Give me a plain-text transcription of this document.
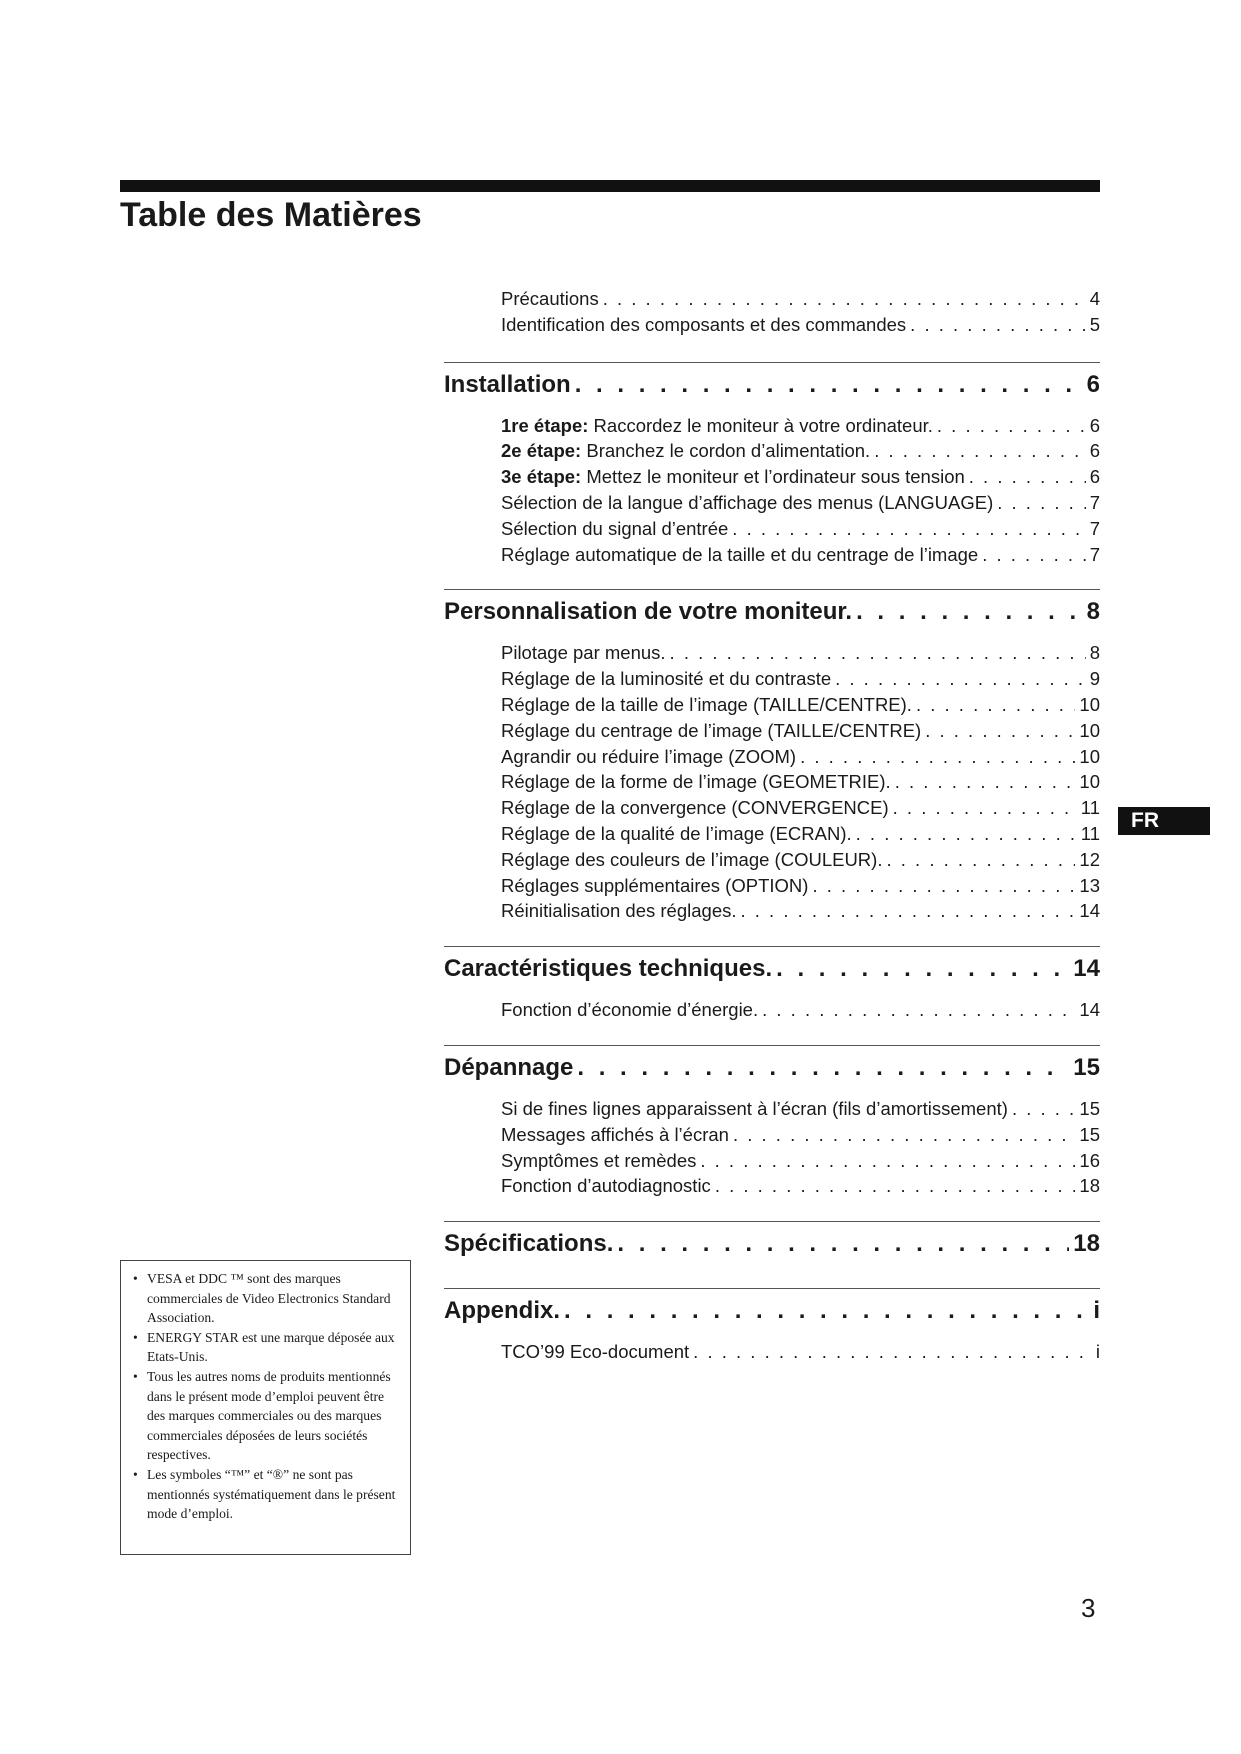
Table des Matières
Précautions . . .	4
Identification des composants et des commandes . . .	5
Installation . . .	6
1re étape: Raccordez le moniteur à votre ordinateur. . . .	6
2e étape: Branchez le cordon d’alimentation. . . .	6
3e étape: Mettez le moniteur et l’ordinateur sous tension . . .	6
Sélection de la langue d’affichage des menus (LANGUAGE) . . .	7
Sélection du signal d’entrée . . .	7
Réglage automatique de la taille et du centrage de l’image . . .	7
Personnalisation de votre moniteur. . . .	8
Pilotage par menus. . . .	8
Réglage de la luminosité et du contraste . . .	9
Réglage de la taille de l’image (TAILLE/CENTRE). . . .	10
Réglage du centrage de l’image (TAILLE/CENTRE) . . .	10
Agrandir ou réduire l’image (ZOOM) . . .	10
Réglage de la forme de l’image (GEOMETRIE). . . .	10
Réglage de la convergence (CONVERGENCE) . . .	11
Réglage de la qualité de l’image (ECRAN). . . .	11
Réglage des couleurs de l’image (COULEUR). . . .	12
Réglages supplémentaires (OPTION) . . .	13
Réinitialisation des réglages. . . .	14
Caractéristiques techniques. . . .	14
Fonction d’économie d’énergie. . . .	14
Dépannage . . .	15
Si de fines lignes apparaissent à l’écran (fils d’amortissement) . . .	15
Messages affichés à l’écran . . .	15
Symptômes et remèdes . . .	16
Fonction d’autodiagnostic . . .	18
Spécifications. . . .	18
Appendix. . . .	i
TCO’99 Eco-document . . .	i
FR
• VESA et DDC ™ sont des marques commerciales de Video Electronics Standard Association.
• ENERGY STAR est une marque déposée aux Etats-Unis.
• Tous les autres noms de produits mentionnés dans le présent mode d’emploi peuvent être des marques commerciales ou des marques commerciales déposées de leurs sociétés respectives.
• Les symboles “™” et “®” ne sont pas mentionnés systématiquement dans le présent mode d’emploi.
3
